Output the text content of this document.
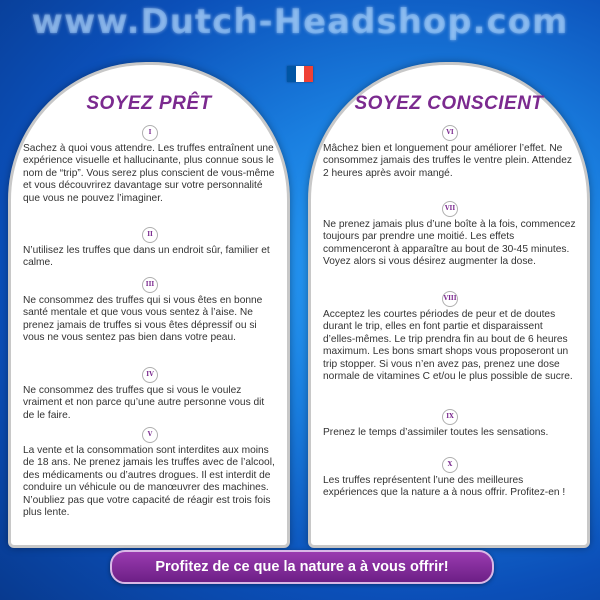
www.Dutch-Headshop.com
SOYEZ PRÊT
I

Sachez à quoi vous attendre. Les truffes entraînent une expérience visuelle et hallucinante, plus connue sous le nom de “trip”. Vous serez plus conscient de vous-même et vous découvrirez davantage sur votre personnalité que vous ne pouvez l’imaginer.

II

N’utilisez les truffes que dans un endroit sûr, familier et calme.

III

Ne consommez des truffes qui si vous êtes en bonne santé mentale et que vous vous sentez à l’aise. Ne prenez jamais de truffes si vous êtes dépressif ou si vous ne vous sentez pas bien dans votre peau.

IV

Ne consommez des truffes que si vous le voulez vraiment et non parce qu’une autre personne vous dit de le faire.

V

La vente et la consommation sont interdites aux moins de 18 ans. Ne prenez jamais les truffes avec de l’alcool, des médicaments ou d’autres drogues. Il est interdit de conduire un véhicule ou de manœuvrer des machines. N’oubliez pas que votre capacité de réagir est trois fois plus lente.

SOYEZ CONSCIENT
VI

Mâchez bien et longuement pour améliorer l’effet. Ne consommez jamais des truffes le ventre plein. Attendez 2 heures après avoir mangé.

VII

Ne prenez jamais plus d’une boîte à la fois, commencez toujours par prendre une moitié. Les effets commenceront à apparaître au bout de 30-45 minutes. Voyez alors si vous désirez augmenter la dose.

VIII

Acceptez les courtes périodes de peur et de doutes durant le trip, elles en font partie et disparaissent d’elles-mêmes. Le trip prendra fin au bout de 6 heures maximum. Les bons smart shops vous proposeront un trip stopper. Si vous n’en avez pas, prenez une dose normale de vitamines C et/ou le plus possible de sucre.

IX

Prenez le temps d’assimiler toutes les sensations.

X

Les truffes représentent l’une des meilleures expériences que la nature a à nous offrir. Profitez-en !

Profitez de ce que la nature a à vous offrir!
